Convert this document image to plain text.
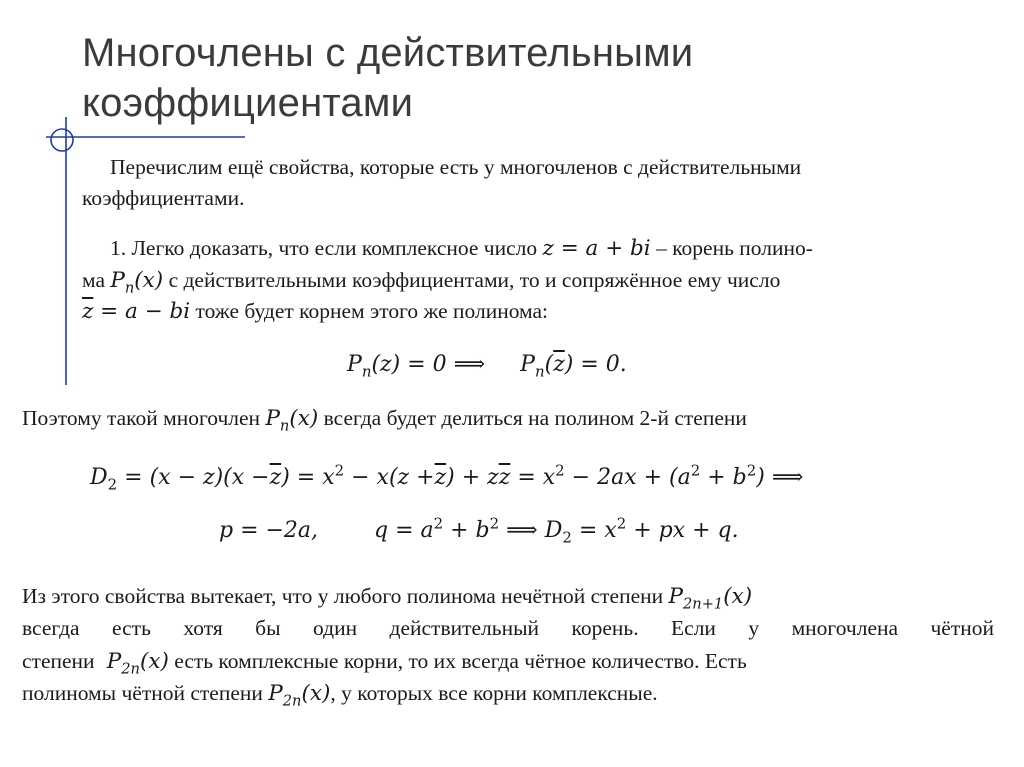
Многочлены с действительными
коэффициентами
Перечислим ещё свойства, которые есть у многочленов с действительными
коэффициентами.
1. Легко доказать, что если комплексное число z = a + bi – корень полино-
ма $P_n(x)$ с действительными коэффициентами, то и сопряжённое ему число
$\overline{z} = a$ − bi тоже будет корнем этого же полинома:
$P_n(z) = 0$ ⟹ $P_n(\overline{z}) = 0$.
Поэтому такой многочлен $P_n(x)$ всегда будет делиться на полином 2-й степени
$D_2 = (x - z)(x -\overline{z}) = x^2 - x(z +\overline{z}) + z\overline{z} = x^2 - 2ax + (a^2 + b^2)$ ⟹
p = −2a,	$q = a^2 + b^2$ ⟹ $D_2 = x^2$ + px + q.
Из этого свойства вытекает, что у любого полинома нечётной степени $P_{2n+1}(x)$
всегда есть хотя бы один действительный корень. Если у многочлена чётной
степени  $P_{2n}(x)$ есть комплексные корни, то их всегда чётное количество. Есть
полиномы чётной степени $P_{2n}(x)$, у которых все корни комплексные.
